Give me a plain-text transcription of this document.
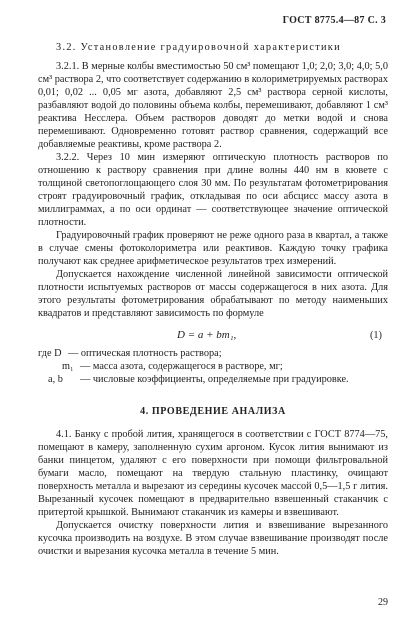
ГОСТ 8775.4—87 С. 3

3.2. Установление градуировочной характеристики

3.2.1. В мерные колбы вместимостью 50 см³ помещают 1,0; 2,0; 3,0; 4,0; 5,0 см³ раствора 2, что соответствует содержанию в колориметрируемых растворах 0,01; 0,02 ... 0,05 мг азота, добавляют 2,5 см³ раствора серной кислоты, разбавляют водой до половины объема колбы, перемешивают, добавляют 1 см³ реактива Несслера. Объем растворов доводят до метки водой и снова перемешивают. Одновременно готовят раствор сравнения, содержащий все добавляемые реактивы, кроме раствора 2.

3.2.2. Через 10 мин измеряют оптическую плотность растворов по отношению к раствору сравнения при длине волны 440 нм в кювете с толщиной светопоглощающего слоя 30 мм. По результатам фотометрирования строят градуировочный график, откладывая по оси абсцисс массу азота в миллиграммах, а по оси ординат — соответствующее значение оптической плотности.

Градуировочный график проверяют не реже одного раза в квартал, а также в случае смены фотоколориметра или реактивов. Каждую точку графика получают как среднее арифметическое результатов трех измерений.

Допускается нахождение численной линейной зависимости оптической плотности испытуемых растворов от массы содержащегося в них азота. Для этого результаты фотометрирования обрабатывают по методу наименьших квадратов и представляют зависимость по формуле

D = a + bm₁,	(1)
где D — оптическая плотность раствора;
m₁ — масса азота, содержащегося в растворе, мг;
a, b	— числовые коэффициенты, определяемые при градуировке.
4. ПРОВЕДЕНИЕ АНАЛИЗА

4.1. Банку с пробой лития, хранящегося в соответствии с ГОСТ 8774—75, помещают в камеру, заполненную сухим аргоном. Кусок лития вынимают из банки пинцетом, удаляют с его поверхности при помощи фильтровальной бумаги масло, помещают на твердую стальную пластинку, очищают поверхность металла и вырезают из середины кусочек массой 0,5—1,5 г лития. Вырезанный кусочек помещают в предварительно взвешенный стаканчик с притертой крышкой. Вынимают стаканчик из камеры и взвешивают.

Допускается очистку поверхности лития и взвешивание вырезанного кусочка производить на воздухе. В этом случае взвешивание производят после очистки и вырезания кусочка металла в течение 5 мин.

29
